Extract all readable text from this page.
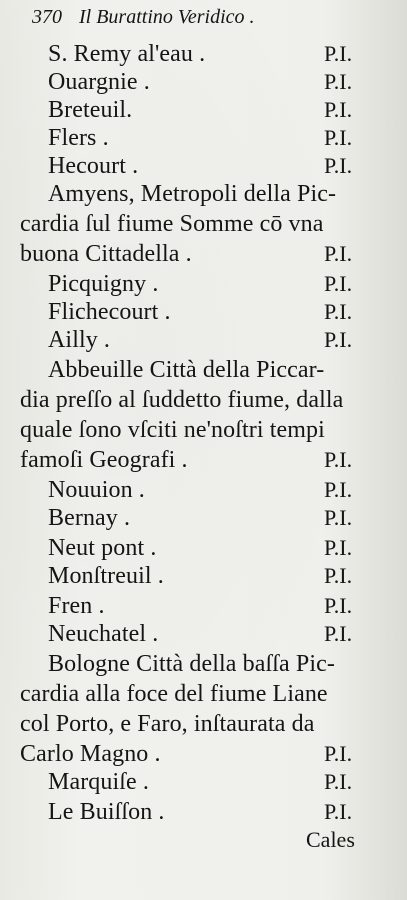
370 Il Burattino Veridico .
S. Remy al'eau .	P.I.
Ouargnie .	P.I.
Breteuil.	P.I.
Flers .	P.I.
Hecourt .	P.I.
Amyens, Metropoli della Pic-
cardia ſul fiume Somme cō vna
buona Cittadella .	P.I.
Picquigny .	P.I.
Flichecourt .	P.I.
Ailly .	P.I.
Abbeuille Città della Piccar-
dia preſſo al ſuddetto fiume, dalla
quale ſono vſciti ne'noſtri tempi
famoſi Geografi .	P.I.
Nouuion .	P.I.
Bernay .	P.I.
Neut pont .	P.I.
Monſtreuil .	P.I.
Fren .	P.I.
Neuchatel .	P.I.
Bologne Città della baſſa Pic-
cardia alla foce del fiume Liane
col Porto, e Faro, inſtaurata da
Carlo Magno .	P.I.
Marquiſe .	P.I.
Le Buiſſon .	P.I.
Cales
